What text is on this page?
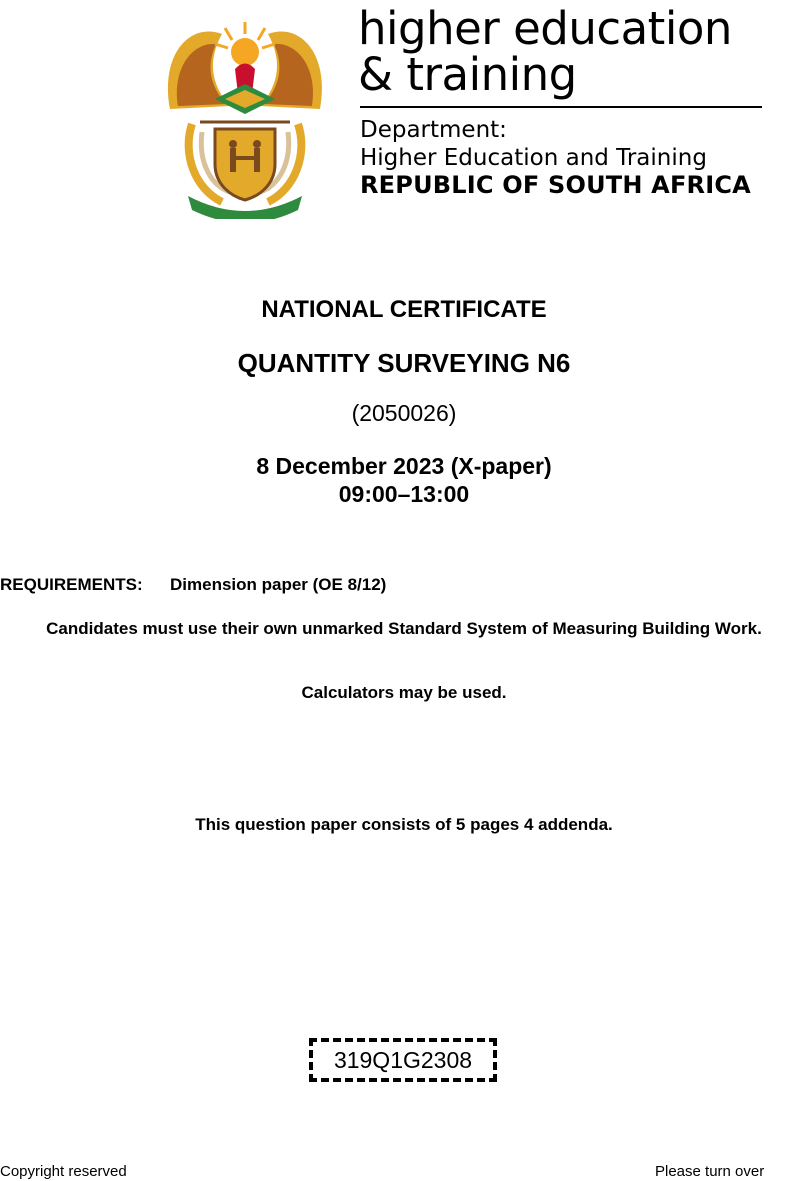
higher education
& training
Department:
Higher Education and Training
REPUBLIC OF SOUTH AFRICA
NATIONAL CERTIFICATE
QUANTITY SURVEYING N6
(2050026)
8 December 2023 (X-paper)
09:00–13:00
REQUIREMENTS: Dimension paper (OE 8/12)
Candidates must use their own unmarked Standard System of Measuring Building Work.
Calculators may be used.
This question paper consists of 5 pages 4 addenda.
319Q1G2308
Copyright reserved	Please turn over
